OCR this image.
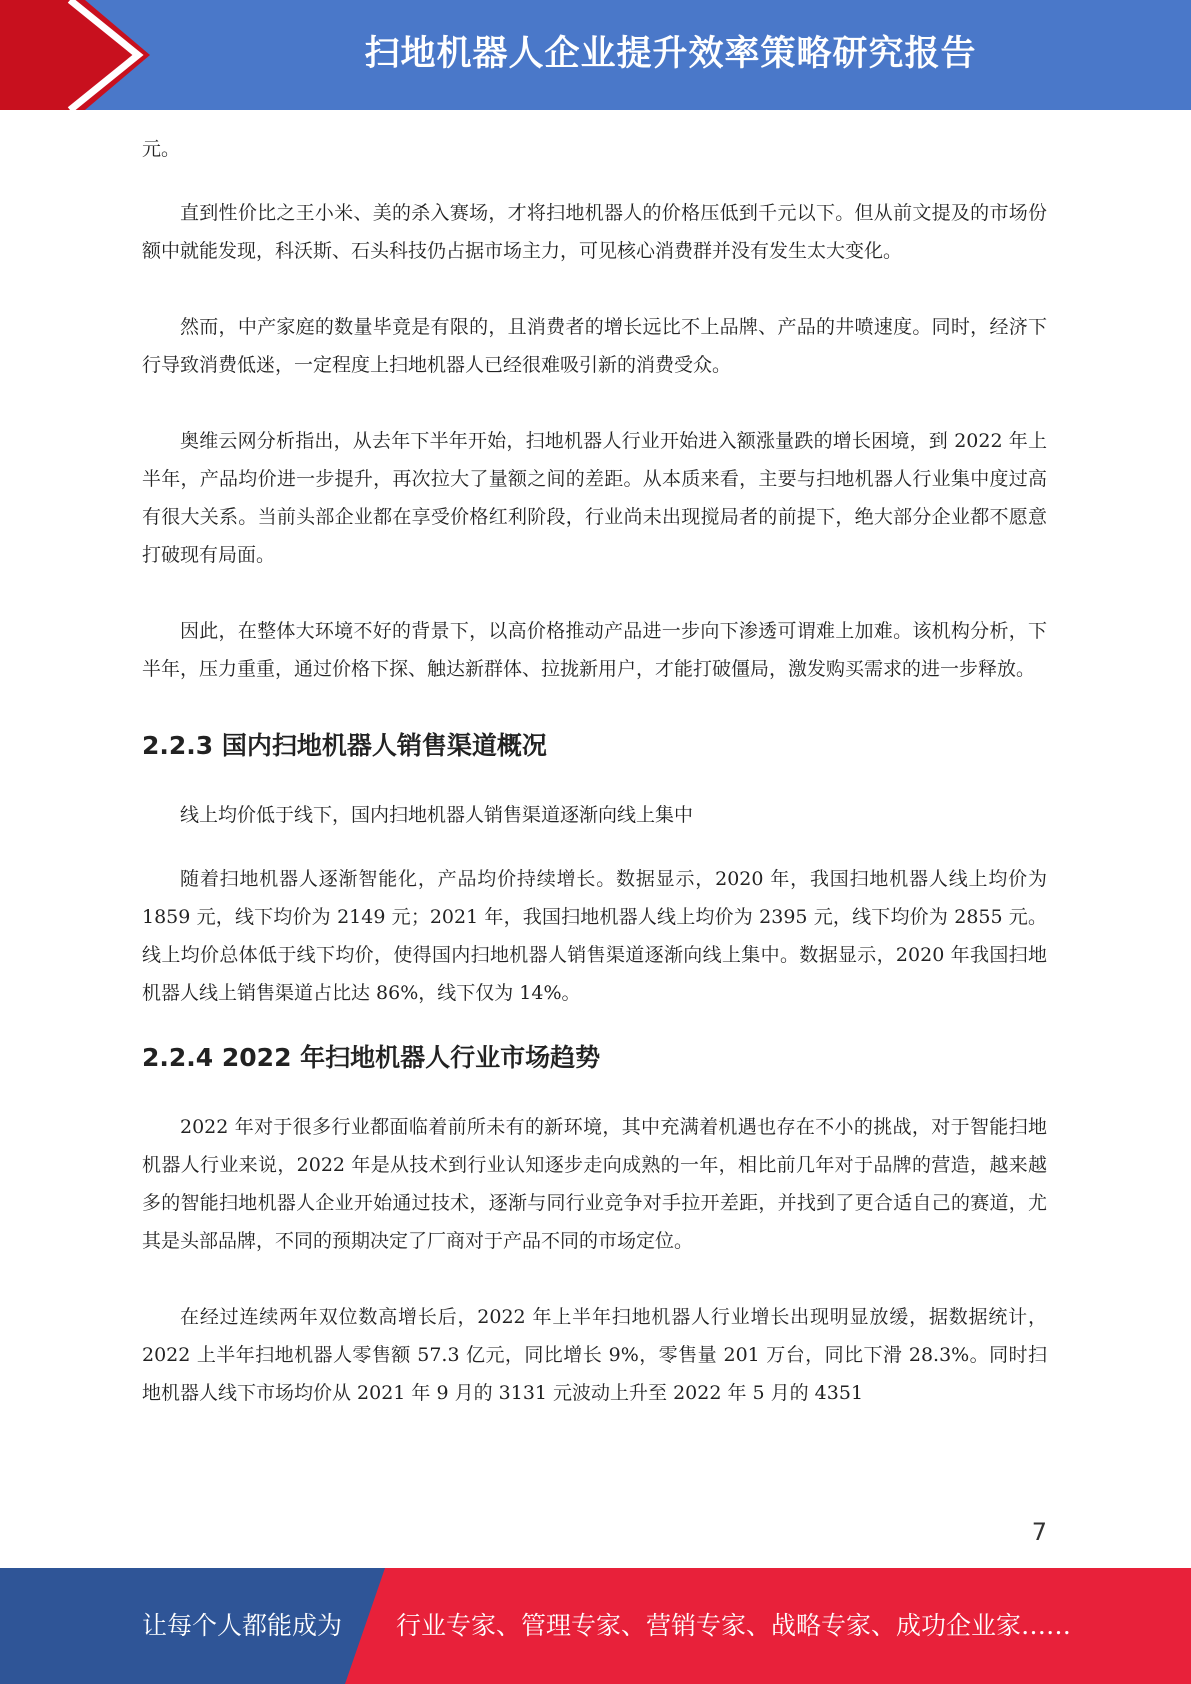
扫地机器人企业提升效率策略研究报告

元。

直到性价比之王小米、美的杀入赛场，才将扫地机器人的价格压低到千元以下。但从前文提及的市场份额中就能发现，科沃斯、石头科技仍占据市场主力，可见核心消费群并没有发生太大变化。

然而，中产家庭的数量毕竟是有限的，且消费者的增长远比不上品牌、产品的井喷速度。同时，经济下行导致消费低迷，一定程度上扫地机器人已经很难吸引新的消费受众。

奥维云网分析指出，从去年下半年开始，扫地机器人行业开始进入额涨量跌的增长困境，到 2022 年上半年，产品均价进一步提升，再次拉大了量额之间的差距。从本质来看，主要与扫地机器人行业集中度过高有很大关系。当前头部企业都在享受价格红利阶段，行业尚未出现搅局者的前提下，绝大部分企业都不愿意打破现有局面。

因此，在整体大环境不好的背景下，以高价格推动产品进一步向下渗透可谓难上加难。该机构分析，下半年，压力重重，通过价格下探、触达新群体、拉拢新用户，才能打破僵局，激发购买需求的进一步释放。

2.2.3 国内扫地机器人销售渠道概况

线上均价低于线下，国内扫地机器人销售渠道逐渐向线上集中

随着扫地机器人逐渐智能化，产品均价持续增长。数据显示，2020 年，我国扫地机器人线上均价为 1859 元，线下均价为 2149 元；2021 年，我国扫地机器人线上均价为 2395 元，线下均价为 2855 元。线上均价总体低于线下均价，使得国内扫地机器人销售渠道逐渐向线上集中。数据显示，2020 年我国扫地机器人线上销售渠道占比达 86%，线下仅为 14%。

2.2.4 2022 年扫地机器人行业市场趋势

2022 年对于很多行业都面临着前所未有的新环境，其中充满着机遇也存在不小的挑战，对于智能扫地机器人行业来说，2022 年是从技术到行业认知逐步走向成熟的一年，相比前几年对于品牌的营造，越来越多的智能扫地机器人企业开始通过技术，逐渐与同行业竞争对手拉开差距，并找到了更合适自己的赛道，尤其是头部品牌，不同的预期决定了厂商对于产品不同的市场定位。

在经过连续两年双位数高增长后，2022 年上半年扫地机器人行业增长出现明显放缓，据数据统计，2022 上半年扫地机器人零售额 57.3 亿元，同比增长 9%，零售量 201 万台，同比下滑 28.3%。同时扫地机器人线下市场均价从 2021 年 9 月的 3131 元波动上升至 2022 年 5 月的 4351

7
让每个人都能成为 行业专家、管理专家、营销专家、战略专家、成功企业家……
